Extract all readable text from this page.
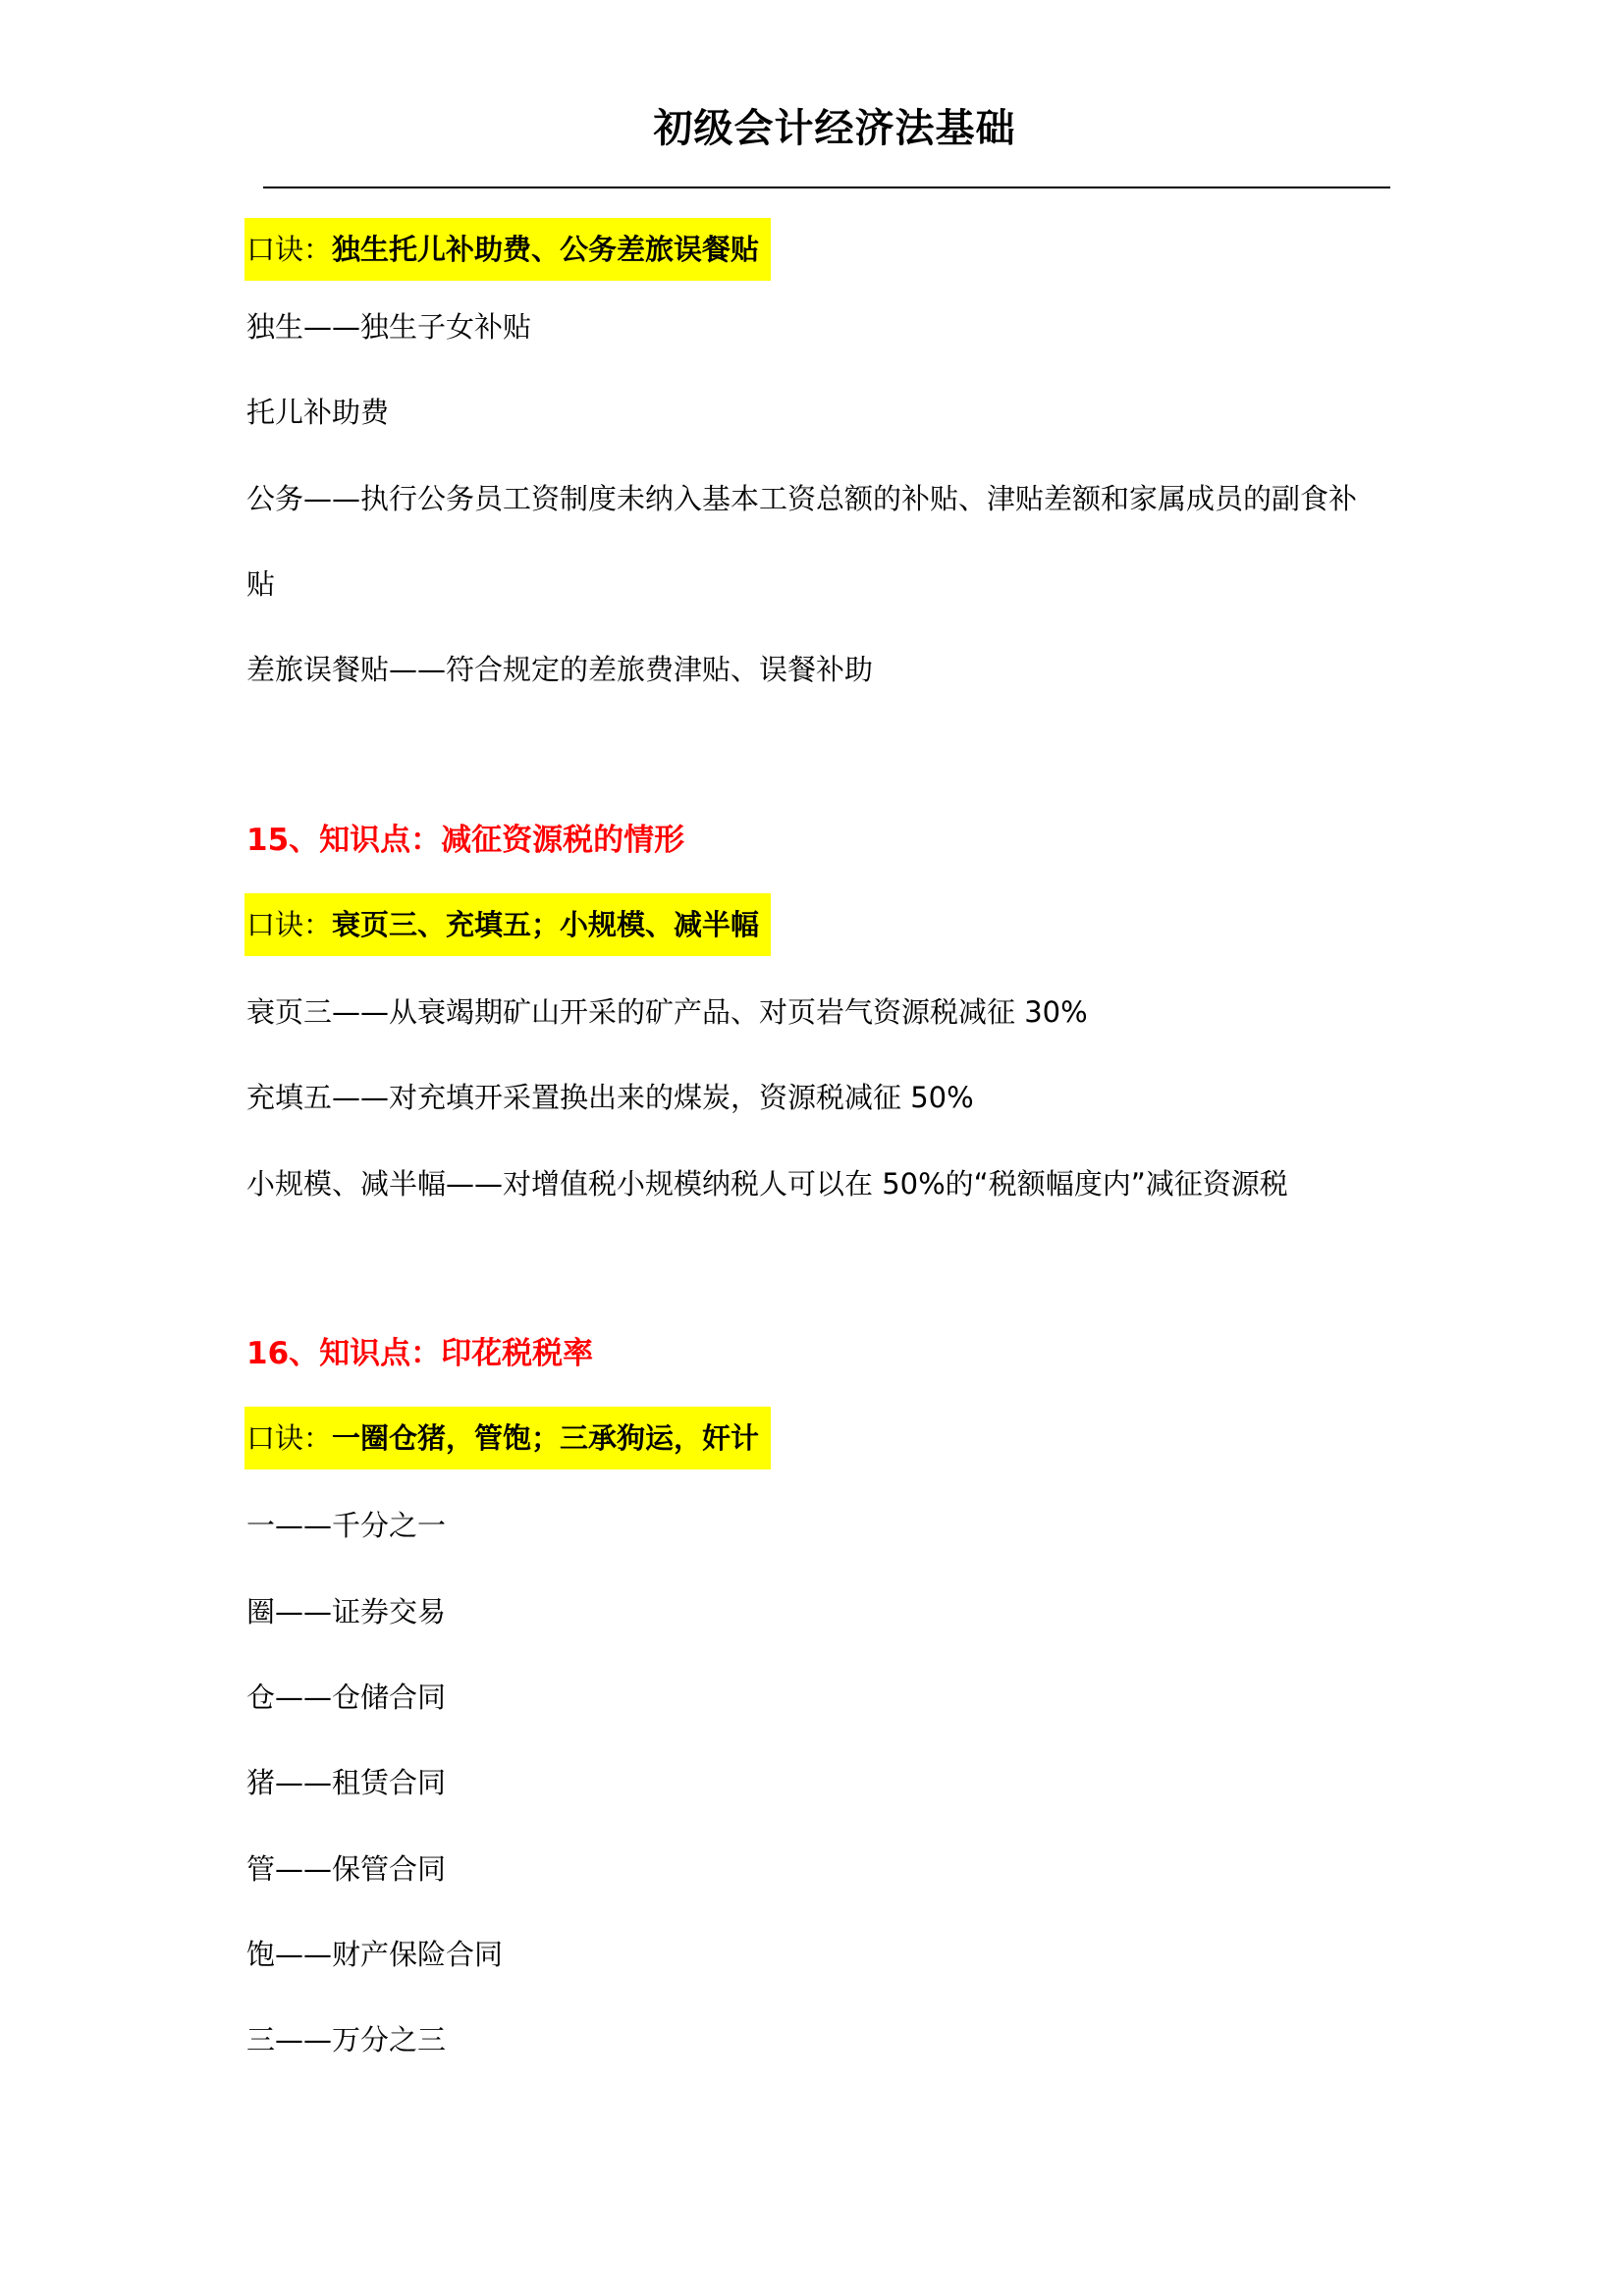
初级会计经济法基础
口诀：独生托儿补助费、公务差旅误餐贴
独生——独生子女补贴
托儿补助费
公务——执行公务员工资制度未纳入基本工资总额的补贴、津贴差额和家属成员的副食补
贴
差旅误餐贴——符合规定的差旅费津贴、误餐补助
15、知识点：减征资源税的情形
口诀：衰页三、充填五；小规模、减半幅
衰页三——从衰竭期矿山开采的矿产品、对页岩气资源税减征 30%
充填五——对充填开采置换出来的煤炭，资源税减征 50%
小规模、减半幅——对增值税小规模纳税人可以在 50%的“税额幅度内”减征资源税
16、知识点：印花税税率
口诀：一圈仓猪，管饱；三承狗运，奸计
一——千分之一
圈——证券交易
仓——仓储合同
猪——租赁合同
管——保管合同
饱——财产保险合同
三——万分之三
